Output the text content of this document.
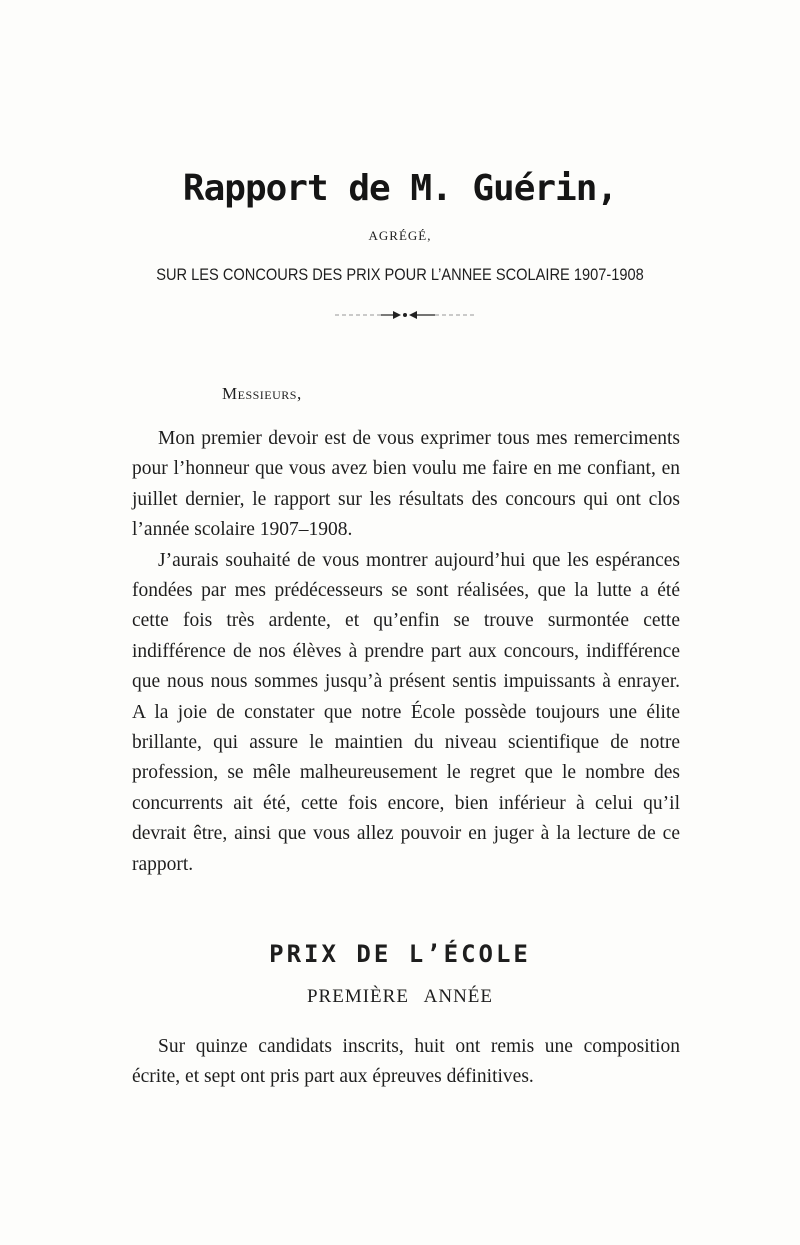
Rapport de M. Guérin,
AGRÉGÉ,
SUR LES CONCOURS DES PRIX POUR L’ANNEE SCOLAIRE 1907-1908
Messieurs,

Mon premier devoir est de vous exprimer tous mes remerciments pour l’honneur que vous avez bien voulu me faire en me confiant, en juillet dernier, le rapport sur les résultats des concours qui ont clos l’année scolaire 1907–1908.

J’aurais souhaité de vous montrer aujourd’hui que les espérances fondées par mes prédécesseurs se sont réalisées, que la lutte a été cette fois très ardente, et qu’enfin se trouve surmontée cette indifférence de nos élèves à prendre part aux concours, indifférence que nous nous sommes jusqu’à présent sentis impuissants à enrayer. A la joie de constater que notre École possède toujours une élite brillante, qui assure le maintien du niveau scientifique de notre profession, se mêle malheureusement le regret que le nombre des concurrents ait été, cette fois encore, bien inférieur à celui qu’il devrait être, ainsi que vous allez pouvoir en juger à la lecture de ce rapport.

PRIX DE L’ÉCOLE
PREMIÈRE ANNÉE

Sur quinze candidats inscrits, huit ont remis une composition écrite, et sept ont pris part aux épreuves définitives.
